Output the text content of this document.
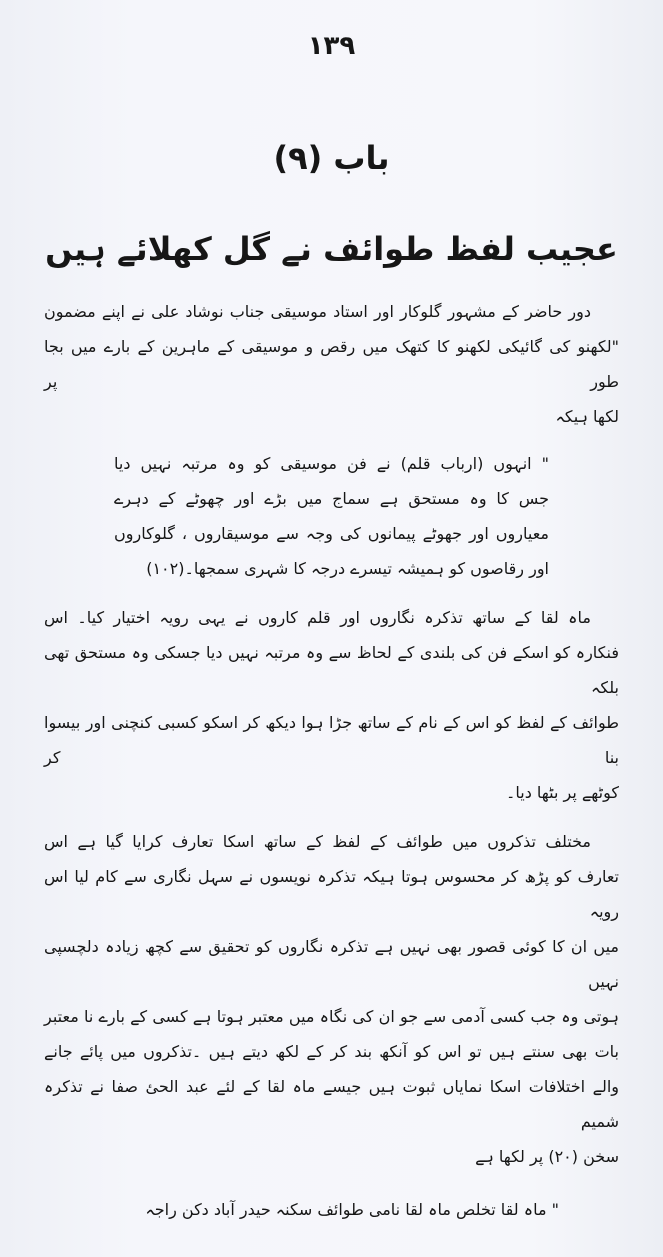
١٣٩
باب (٩)
عجیب لفظ طوائف نے گل کھلائے ہیں
دور حاضر کے مشہور گلوکار اور استاد موسیقی جناب نوشاد علی نے اپنے مضمون
"لکھنو کی گائیکی لکھنو کا کتھک میں رقص و موسیقی کے ماہرین کے بارے میں بجا طور پر
لکھا ہیکہ
" انہوں (ارباب قلم) نے فن موسیقی کو وہ مرتبہ نہیں دیا
جس کا وہ مستحق ہے سماج میں بڑے اور چھوٹے کے دہرے
معیاروں اور جھوٹے پیمانوں کی وجہ سے موسیقاروں ، گلوکاروں
اور رقاصوں کو ہمیشہ تیسرے درجہ کا شہری سمجھا۔(١٠٢)
ماہ لقا کے ساتھ تذکرہ نگاروں اور قلم کاروں نے یہی رویہ اختیار کیا۔ اس
فنکارہ کو اسکے فن کی بلندی کے لحاظ سے وہ مرتبہ نہیں دیا جسکی وہ مستحق تھی بلکہ
طوائف کے لفظ کو اس کے نام کے ساتھ جڑا ہوا دیکھ کر اسکو کسبی کنچنی اور بیسوا بنا کر
کوٹھے پر بٹھا دیا۔
مختلف تذکروں میں طوائف کے لفظ کے ساتھ اسکا تعارف کرایا گیا ہے اس
تعارف کو پڑھ کر محسوس ہوتا ہیکہ تذکرہ نویسوں نے سہل نگاری سے کام لیا اس رویہ
میں ان کا کوئی قصور بھی نہیں ہے تذکرہ نگاروں کو تحقیق سے کچھ زیادہ دلچسپی نہیں
ہوتی وہ جب کسی آدمی سے جو ان کی نگاہ میں معتبر ہوتا ہے کسی کے بارے نا معتبر
بات بھی سنتے ہیں تو اس کو آنکھ بند کر کے لکھ دیتے ہیں ۔تذکروں میں پائے جانے
والے اختلافات اسکا نمایاں ثبوت ہیں جیسے ماہ لقا کے لئے عبد الحئ صفا نے تذکرہ شمیم
سخن (٢٠) پر لکھا ہے
" ماہ لقا تخلص ماہ لقا نامی طوائف سکنہ حیدر آباد دکن راجہ
